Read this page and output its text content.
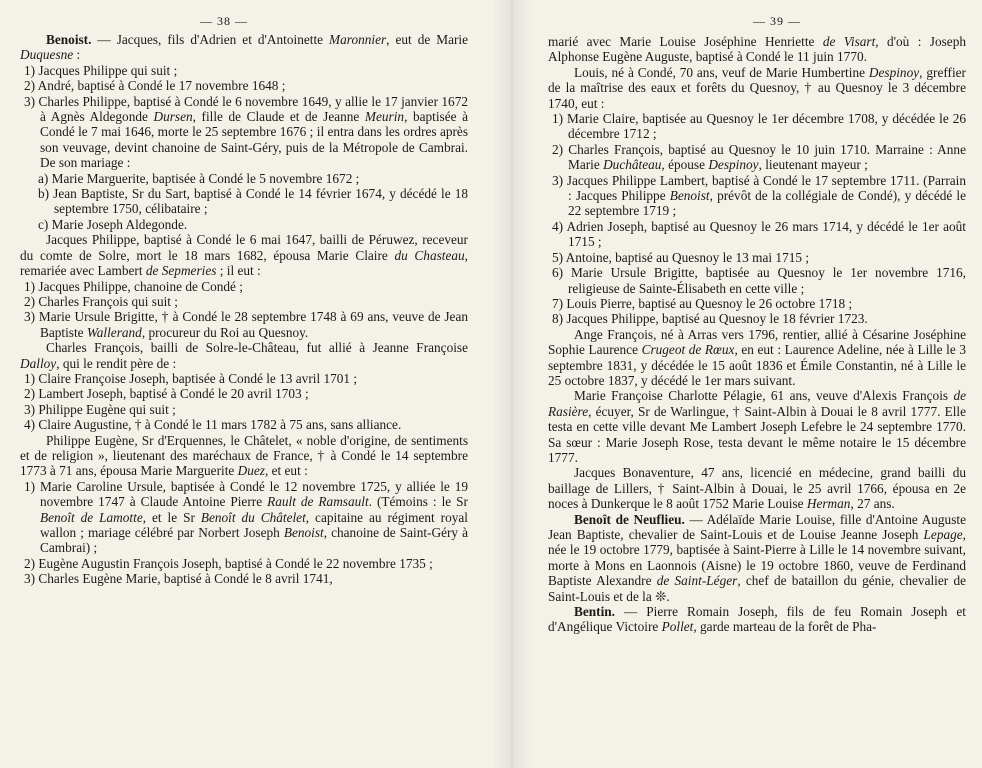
— 38 —

Benoist. — Jacques, fils d'Adrien et d'Antoinette Maronnier, eut de Marie Duquesne :

1) Jacques Philippe qui suit ;

2) André, baptisé à Condé le 17 novembre 1648 ;

3) Charles Philippe, baptisé à Condé le 6 novembre 1649, y allie le 17 janvier 1672 à Agnès Aldegonde Dursen, fille de Claude et de Jeanne Meurin, baptisée à Condé le 7 mai 1646, morte le 25 septembre 1676 ; il entra dans les ordres après son veuvage, devint chanoine de Saint-Géry, puis de la Métropole de Cambrai. De son mariage :

a) Marie Marguerite, baptisée à Condé le 5 novembre 1672 ;

b) Jean Baptiste, Sr du Sart, baptisé à Condé le 14 février 1674, y décédé le 18 septembre 1750, célibataire ;

c) Marie Joseph Aldegonde.

Jacques Philippe, baptisé à Condé le 6 mai 1647, bailli de Péruwez, receveur du comte de Solre, mort le 18 mars 1682, épousa Marie Claire du Chasteau, remariée avec Lambert de Sepmeries ; il eut :

1) Jacques Philippe, chanoine de Condé ;

2) Charles François qui suit ;

3) Marie Ursule Brigitte, † à Condé le 28 septembre 1748 à 69 ans, veuve de Jean Baptiste Wallerand, procureur du Roi au Quesnoy.

Charles François, bailli de Solre-le-Château, fut allié à Jeanne Françoise Dalloy, qui le rendit père de :

1) Claire Françoise Joseph, baptisée à Condé le 13 avril 1701 ;

2) Lambert Joseph, baptisé à Condé le 20 avril 1703 ;

3) Philippe Eugène qui suit ;

4) Claire Augustine, † à Condé le 11 mars 1782 à 75 ans, sans alliance.

Philippe Eugène, Sr d'Erquennes, le Châtelet, « noble d'origine, de sentiments et de religion », lieutenant des maréchaux de France, † à Condé le 14 septembre 1773 à 71 ans, épousa Marie Marguerite Duez, et eut :

1) Marie Caroline Ursule, baptisée à Condé le 12 novembre 1725, y alliée le 19 novembre 1747 à Claude Antoine Pierre Rault de Ramsault. (Témoins : le Sr Benoît de Lamotte, et le Sr Benoît du Châtelet, capitaine au régiment royal wallon ; mariage célébré par Norbert Joseph Benoist, chanoine de Saint-Géry à Cambrai) ;

2) Eugène Augustin François Joseph, baptisé à Condé le 22 novembre 1735 ;

3) Charles Eugène Marie, baptisé à Condé le 8 avril 1741,

— 39 —

marié avec Marie Louise Joséphine Henriette de Visart, d'où : Joseph Alphonse Eugène Auguste, baptisé à Condé le 11 juin 1770.

Louis, né à Condé, 70 ans, veuf de Marie Humbertine Despinoy, greffier de la maîtrise des eaux et forêts du Quesnoy, † au Quesnoy le 3 décembre 1740, eut :

1) Marie Claire, baptisée au Quesnoy le 1er décembre 1708, y décédée le 26 décembre 1712 ;

2) Charles François, baptisé au Quesnoy le 10 juin 1710. Marraine : Anne Marie Duchâteau, épouse Despinoy, lieutenant mayeur ;

3) Jacques Philippe Lambert, baptisé à Condé le 17 septembre 1711. (Parrain : Jacques Philippe Benoist, prévôt de la collégiale de Condé), y décédé le 22 septembre 1719 ;

4) Adrien Joseph, baptisé au Quesnoy le 26 mars 1714, y décédé le 1er août 1715 ;

5) Antoine, baptisé au Quesnoy le 13 mai 1715 ;

6) Marie Ursule Brigitte, baptisée au Quesnoy le 1er novembre 1716, religieuse de Sainte-Élisabeth en cette ville ;

7) Louis Pierre, baptisé au Quesnoy le 26 octobre 1718 ;

8) Jacques Philippe, baptisé au Quesnoy le 18 février 1723.

Ange François, né à Arras vers 1796, rentier, allié à Césarine Joséphine Sophie Laurence Crugeot de Rœux, en eut : Laurence Adeline, née à Lille le 3 septembre 1831, y décédée le 15 août 1836 et Émile Constantin, né à Lille le 25 octobre 1837, y décédé le 1er mars suivant.

Marie Françoise Charlotte Pélagie, 61 ans, veuve d'Alexis François de Rasière, écuyer, Sr de Warlingue, † Saint-Albin à Douai le 8 avril 1777. Elle testa en cette ville devant Me Lambert Joseph Lefebre le 24 septembre 1770. Sa sœur : Marie Joseph Rose, testa devant le même notaire le 15 décembre 1777.

Jacques Bonaventure, 47 ans, licencié en médecine, grand bailli du baillage de Lillers, † Saint-Albin à Douai, le 25 avril 1766, épousa en 2e noces à Dunkerque le 8 août 1752 Marie Louise Herman, 27 ans.

Benoît de Neuflieu. — Adélaïde Marie Louise, fille d'Antoine Auguste Jean Baptiste, chevalier de Saint-Louis et de Louise Jeanne Joseph Lepage, née le 19 octobre 1779, baptisée à Saint-Pierre à Lille le 14 novembre suivant, morte à Mons en Laonnois (Aisne) le 19 octobre 1860, veuve de Ferdinand Baptiste Alexandre de Saint-Léger, chef de bataillon du génie, chevalier de Saint-Louis et de la ❊.

Bentin. — Pierre Romain Joseph, fils de feu Romain Joseph et d'Angélique Victoire Pollet, garde marteau de la forêt de Pha-
